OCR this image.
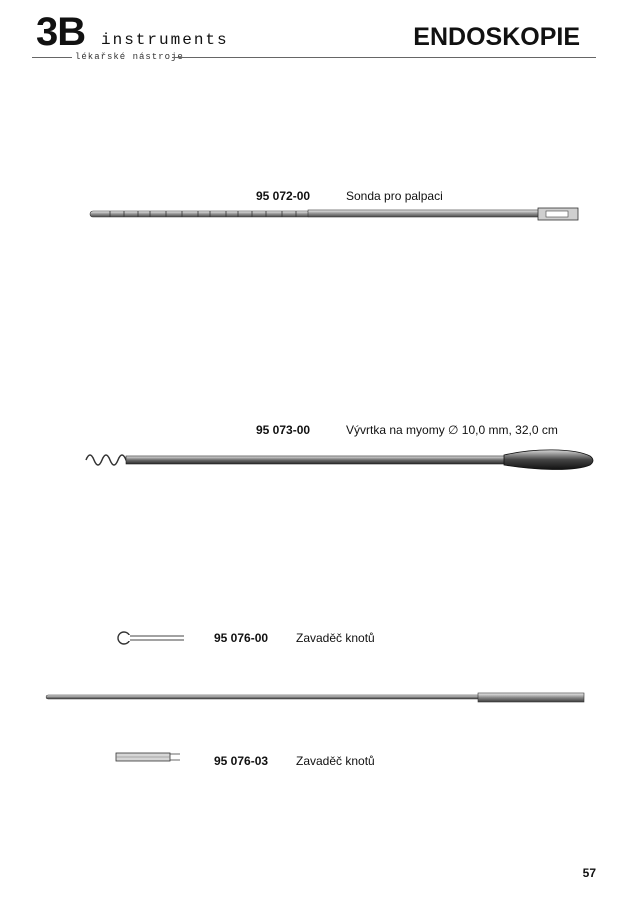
3B instruments
lékařské nástroje
ENDOSKOPIE
95 072-00	Sonda pro palpaci
95 073-00	Vývrtka na myomy ∅ 10,0 mm, 32,0 cm
95 076-00 Zavaděč knotů
95 076-03 Zavaděč knotů
57
